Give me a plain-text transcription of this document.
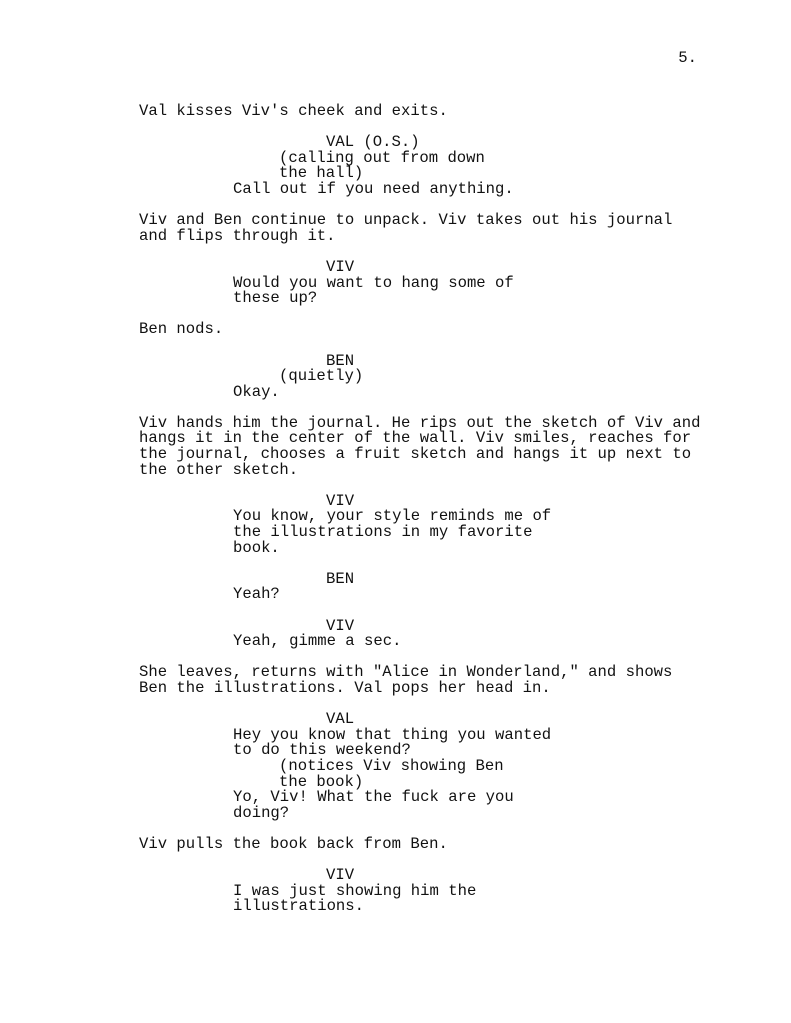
5.

Val kisses Viv's cheek and exits.

VAL (O.S.)

(calling out from down
the hall)

Call out if you need anything.

Viv and Ben continue to unpack. Viv takes out his journal
and flips through it.

VIV

Would you want to hang some of
these up?

Ben nods.

BEN

(quietly)

Okay.

Viv hands him the journal. He rips out the sketch of Viv and
hangs it in the center of the wall. Viv smiles, reaches for
the journal, chooses a fruit sketch and hangs it up next to
the other sketch.

VIV

You know, your style reminds me of
the illustrations in my favorite
book.

BEN

Yeah?

VIV

Yeah, gimme a sec.

She leaves, returns with "Alice in Wonderland," and shows
Ben the illustrations. Val pops her head in.

VAL

Hey you know that thing you wanted
to do this weekend?

(notices Viv showing Ben
the book)

Yo, Viv! What the fuck are you
doing?

Viv pulls the book back from Ben.

VIV

I was just showing him the
illustrations.
